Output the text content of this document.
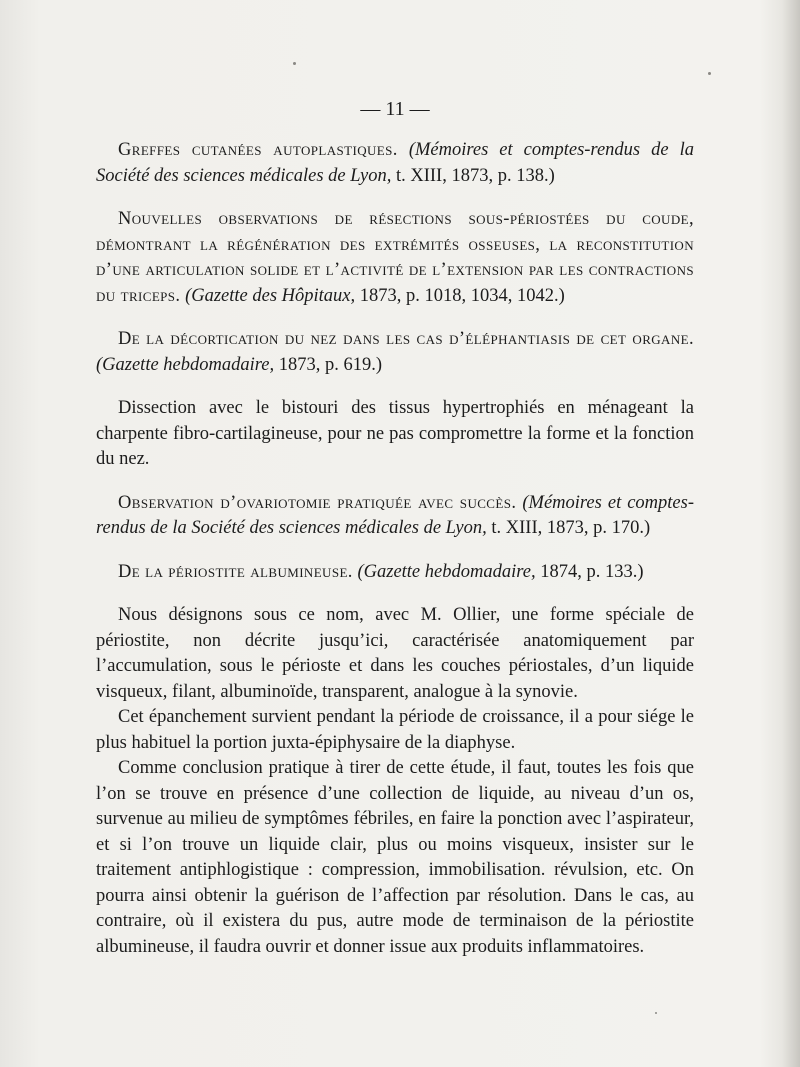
— 11 —
Greffes cutanées autoplastiques. (Mémoires et comptes-rendus de la Société des sciences médicales de Lyon, t. XIII, 1873, p. 138.)
Nouvelles observations de résections sous-périostées du coude, démontrant la régénération des extrémités osseuses, la reconstitution d’une articulation solide et l’activité de l’extension par les contractions du triceps. (Gazette des Hôpitaux, 1873, p. 1018, 1034, 1042.)
De la décortication du nez dans les cas d’éléphantiasis de cet organe. (Gazette hebdomadaire, 1873, p. 619.)

Dissection avec le bistouri des tissus hypertrophiés en ménageant la charpente fibro-cartilagineuse, pour ne pas compromettre la forme et la fonction du nez.

Observation d’ovariotomie pratiquée avec succès. (Mémoires et comptes-rendus de la Société des sciences médicales de Lyon, t. XIII, 1873, p. 170.)
De la périostite albumineuse. (Gazette hebdomadaire, 1874, p. 133.)

Nous désignons sous ce nom, avec M. Ollier, une forme spéciale de périostite, non décrite jusqu’ici, caractérisée anatomiquement par l’accumulation, sous le périoste et dans les couches périostales, d’un liquide visqueux, filant, albuminoïde, transparent, analogue à la synovie.

Cet épanchement survient pendant la période de croissance, il a pour siége le plus habituel la portion juxta-épiphysaire de la diaphyse.

Comme conclusion pratique à tirer de cette étude, il faut, toutes les fois que l’on se trouve en présence d’une collection de liquide, au niveau d’un os, survenue au milieu de symptômes fébriles, en faire la ponction avec l’aspirateur, et si l’on trouve un liquide clair, plus ou moins visqueux, insister sur le traitement antiphlogistique : compression, immobilisation. révulsion, etc. On pourra ainsi obtenir la guérison de l’affection par résolution. Dans le cas, au contraire, où il existera du pus, autre mode de terminaison de la périostite albumineuse, il faudra ouvrir et donner issue aux produits inflammatoires.
